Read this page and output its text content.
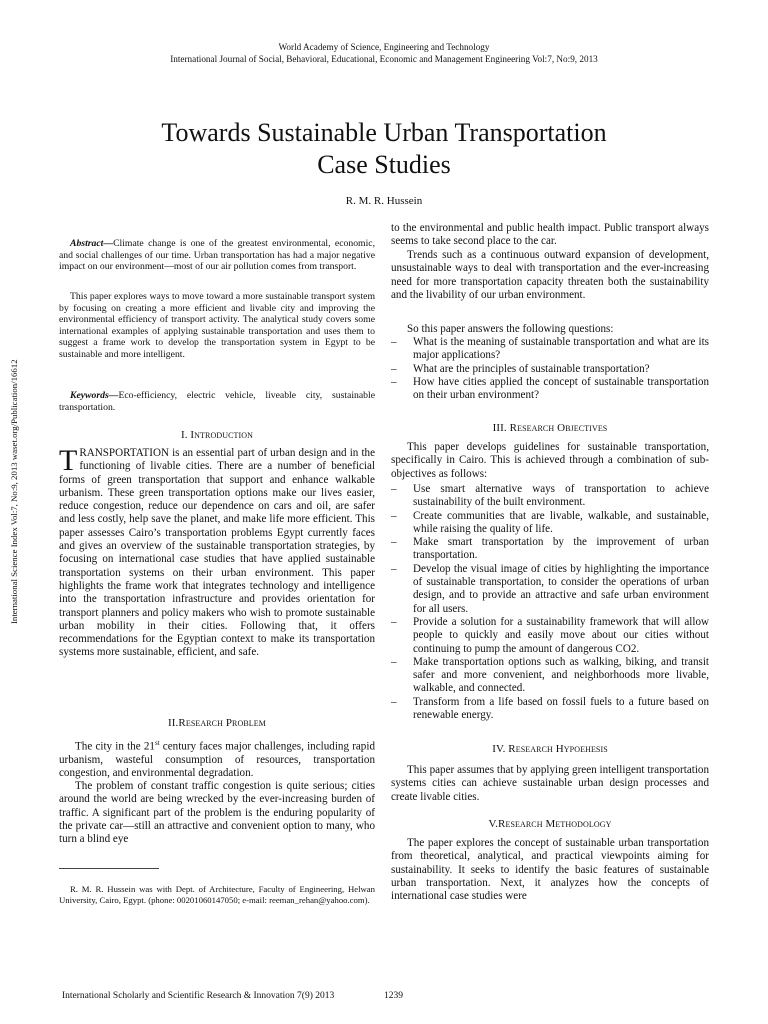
World Academy of Science, Engineering and Technology
International Journal of Social, Behavioral, Educational, Economic and Management Engineering Vol:7, No:9, 2013
Towards Sustainable Urban Transportation
Case Studies
R. M. R. Hussein
International Science Index Vol:7, No:9, 2013 waset.org/Publication/16612

Abstract—Climate change is one of the greatest environmental, economic, and social challenges of our time. Urban transportation has had a major negative impact on our environment—most of our air pollution comes from transport.

This paper explores ways to move toward a more sustainable transport system by focusing on creating a more efficient and livable city and improving the environmental efficiency of transport activity. The analytical study covers some international examples of applying sustainable transportation and uses them to suggest a frame work to develop the transportation system in Egypt to be sustainable and more intelligent.

Keywords—Eco-efficiency, electric vehicle, liveable city, sustainable transportation.

I. Introduction

TRANSPORTATION is an essential part of urban design and in the functioning of livable cities. There are a number of beneficial forms of green transportation that support and enhance walkable urbanism. These green transportation options make our lives easier, reduce congestion, reduce our dependence on cars and oil, are safer and less costly, help save the planet, and make life more efficient. This paper assesses Cairo’s transportation problems Egypt currently faces and gives an overview of the sustainable transportation strategies, by focusing on international case studies that have applied sustainable transportation systems on their urban environment. This paper highlights the frame work that integrates technology and intelligence into the transportation infrastructure and provides orientation for transport planners and policy makers who wish to promote sustainable urban mobility in their cities. Following that, it offers recommendations for the Egyptian context to make its transportation systems more sustainable, efficient, and safe.

II.Research Problem

The city in the 21st century faces major challenges, including rapid urbanism, wasteful consumption of resources, transportation congestion, and environmental degradation.

The problem of constant traffic congestion is quite serious; cities around the world are being wrecked by the ever-increasing burden of traffic. A significant part of the problem is the enduring popularity of the private car—still an attractive and convenient option to many, who turn a blind eye

R. M. R. Hussein was with Dept. of Architecture, Faculty of Engineering, Helwan University, Cairo, Egypt. (phone: 00201060147050; e-mail: reeman_rehan@yahoo.com).

to the environmental and public health impact. Public transport always seems to take second place to the car.

Trends such as a continuous outward expansion of development, unsustainable ways to deal with transportation and the ever-increasing need for more transportation capacity threaten both the sustainability and the livability of our urban environment.

So this paper answers the following questions:

– What is the meaning of sustainable transportation and what are its major applications?
– What are the principles of sustainable transportation?
– How have cities applied the concept of sustainable transportation on their urban environment?
III. Research Objectives

This paper develops guidelines for sustainable transportation, specifically in Cairo. This is achieved through a combination of sub-objectives as follows:

– Use smart alternative ways of transportation to achieve sustainability of the built environment.
– Create communities that are livable, walkable, and sustainable, while raising the quality of life.
– Make smart transportation by the improvement of urban transportation.
– Develop the visual image of cities by highlighting the importance of sustainable transportation, to consider the operations of urban design, and to provide an attractive and safe urban environment for all users.
– Provide a solution for a sustainability framework that will allow people to quickly and easily move about our cities without continuing to pump the amount of dangerous CO2.
– Make transportation options such as walking, biking, and transit safer and more convenient, and neighborhoods more livable, walkable, and connected.
– Transform from a life based on fossil fuels to a future based on renewable energy.
IV. Research Hypoehesis

This paper assumes that by applying green intelligent transportation systems cities can achieve sustainable urban design processes and create livable cities.

V.Research Methodology

The paper explores the concept of sustainable urban transportation from theoretical, analytical, and practical viewpoints aiming for sustainability. It seeks to identify the basic features of sustainable urban transportation. Next, it analyzes how the concepts of international case studies were

International Scholarly and Scientific Research & Innovation 7(9) 2013	1239
